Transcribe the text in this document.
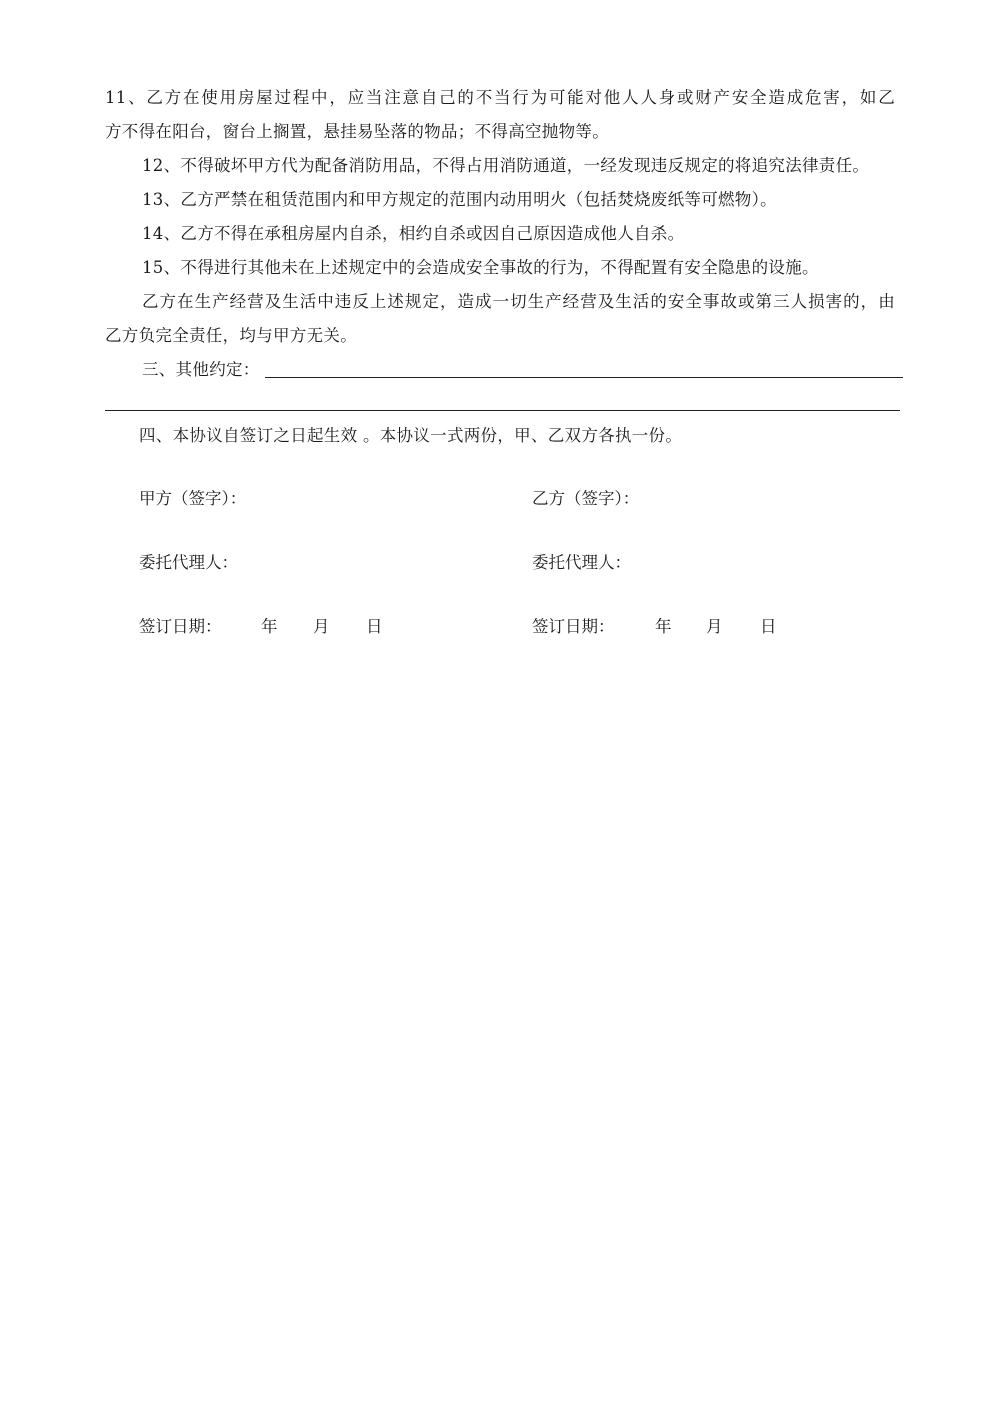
11、乙方在使用房屋过程中，应当注意自己的不当行为可能对他人人身或财产安全造成危害，如乙
方不得在阳台，窗台上搁置，悬挂易坠落的物品；不得高空抛物等。
12、不得破坏甲方代为配备消防用品，不得占用消防通道，一经发现违反规定的将追究法律责任。
13、乙方严禁在租赁范围内和甲方规定的范围内动用明火（包括焚烧废纸等可燃物）。
14、乙方不得在承租房屋内自杀，相约自杀或因自己原因造成他人自杀。
15、不得进行其他未在上述规定中的会造成安全事故的行为，不得配置有安全隐患的设施。
乙方在生产经营及生活中违反上述规定，造成一切生产经营及生活的安全事故或第三人损害的，由
乙方负完全责任，均与甲方无关。
三、其他约定：
四、本协议自签订之日起生效 。本协议一式两份，甲、乙双方各执一份。
甲方（签字）：
委托代理人：
签订日期： 年 月 日
乙方（签字）：
委托代理人：
签订日期： 年 月 日
